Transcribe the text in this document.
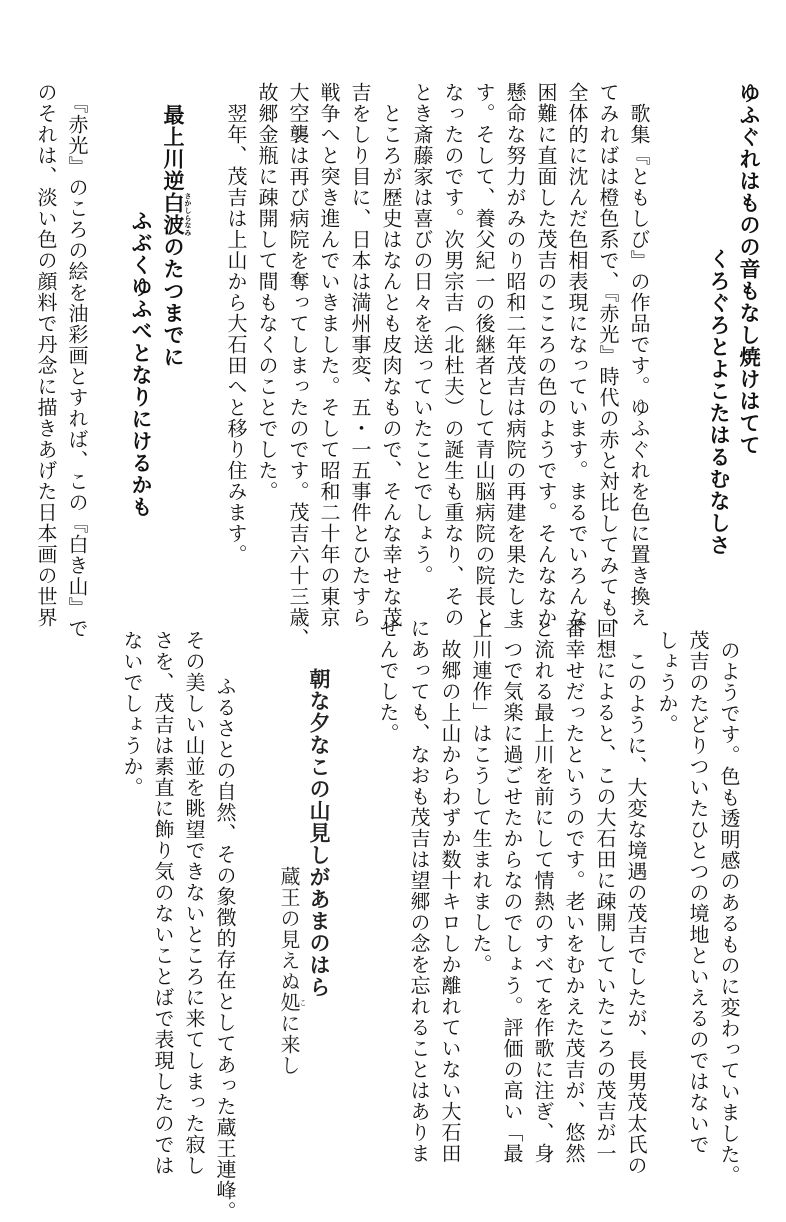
ゆふぐれはものの音もなし焼けはてて

くろぐろとよこたはるむなしさ

　歌集『ともしび』の作品です。ゆふぐれを色に置き換え

てみればは橙色系で、『赤光』時代の赤と対比してみても、

全体的に沈んだ色相表現になっています。まるでいろんな

困難に直面した茂吉のこころの色のようです。そんななか

懸命な努力がみのり昭和二年茂吉は病院の再建を果たしま

す。そして、養父紀一の後継者として青山脳病院の院長と

なったのです。次男宗吉（北杜夫）の誕生も重なり、その

とき斎藤家は喜びの日々を送っていたことでしょう。

　ところが歴史はなんとも皮肉なもので、そんな幸せな茂

吉をしり目に、日本は満州事変、五・一五事件とひたすら

戦争へと突き進んでいきました。そして昭和二十年の東京

大空襲は再び病院を奪ってしまったのです。茂吉六十三歳、

故郷金瓶に疎開して間もなくのことでした。

　翌年、茂吉は上山から大石田へと移り住みます。

最上川逆白波さかしらなみのたつまでに

ふぶくゆふべとなりにけるかも

　『赤光』のころの絵を油彩画とすれば、この『白き山』で

のそれは、淡い色の顔料で丹念に描きあげた日本画の世界

のようです。色も透明感のあるものに変わっていました。

茂吉のたどりついたひとつの境地といえるのではないで

しょうか。

　このように、大変な境遇の茂吉でしたが、長男茂太氏の

回想によると、この大石田に疎開していたころの茂吉が一

番幸せだったというのです。老いをむかえた茂吉が、悠然

と流れる最上川を前にして情熱のすべてを作歌に注ぎ、身

一つで気楽に過ごせたからなのでしょう。評価の高い「最

上川連作」はこうして生まれました。

　故郷の上山からわずか数十キロしか離れていない大石田

にあっても、なおも茂吉は望郷の念を忘れることはありま

せんでした。

朝な夕なこの山見しがあまのはら

蔵王の見えぬ処こに来し

　ふるさとの自然、その象徴的存在としてあった蔵王連峰。

その美しい山並を眺望できないところに来てしまった寂し

さを、茂吉は素直に飾り気のないことばで表現したのでは

ないでしょうか。
